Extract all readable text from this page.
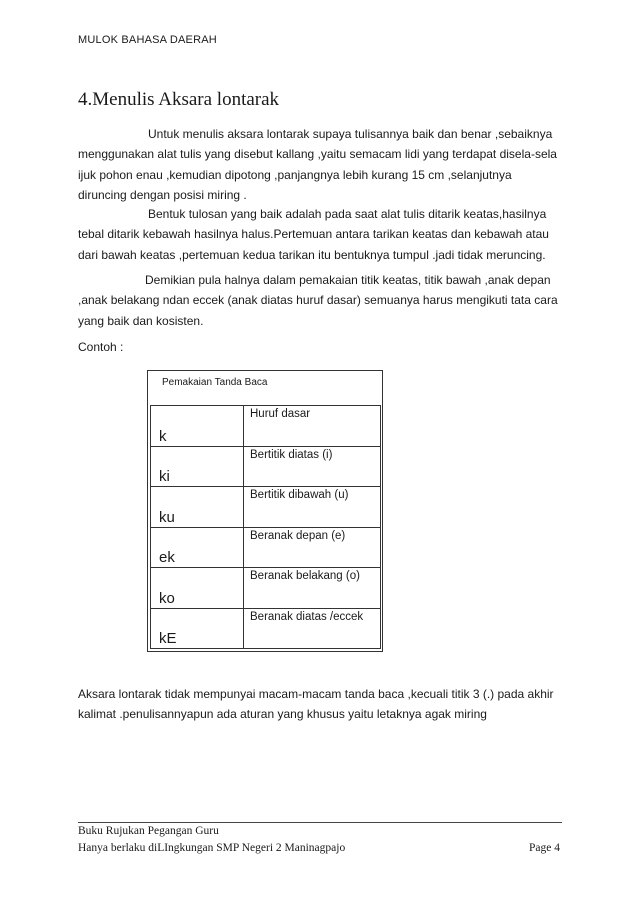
MULOK BAHASA DAERAH
4.Menulis Aksara lontarak

Untuk menulis aksara lontarak supaya tulisannya baik dan benar ,sebaiknya menggunakan alat tulis yang disebut kallang ,yaitu semacam lidi yang terdapat disela-sela ijuk pohon enau ,kemudian dipotong ,panjangnya lebih kurang 15 cm ,selanjutnya diruncing dengan posisi miring .

Bentuk tulosan yang baik adalah pada saat alat tulis ditarik keatas,hasilnya tebal ditarik kebawah hasilnya halus.Pertemuan antara tarikan keatas dan kebawah atau dari bawah keatas ,pertemuan kedua tarikan itu bentuknya tumpul .jadi tidak meruncing.

Demikian pula halnya dalam pemakaian titik keatas, titik bawah ,anak depan ,anak belakang ndan eccek (anak diatas huruf dasar) semuanya harus mengikuti tata cara yang baik dan kosisten.

Contoh :
Pemakaian Tanda Baca
k	Huruf dasar

ki	Bertitik diatas (i)

ku	Bertitik dibawah (u)

ek	Beranak depan (e)

ko	Beranak belakang (o)

kE	Beranak diatas /eccek

Aksara lontarak tidak mempunyai macam-macam tanda baca ,kecuali titik 3 (.) pada akhir kalimat .penulisannyapun ada aturan yang khusus yaitu letaknya agak miring

Buku Rujukan Pegangan Guru
Hanya berlaku diLIngkungan SMP Negeri 2 Maninagpajo	Page 4
